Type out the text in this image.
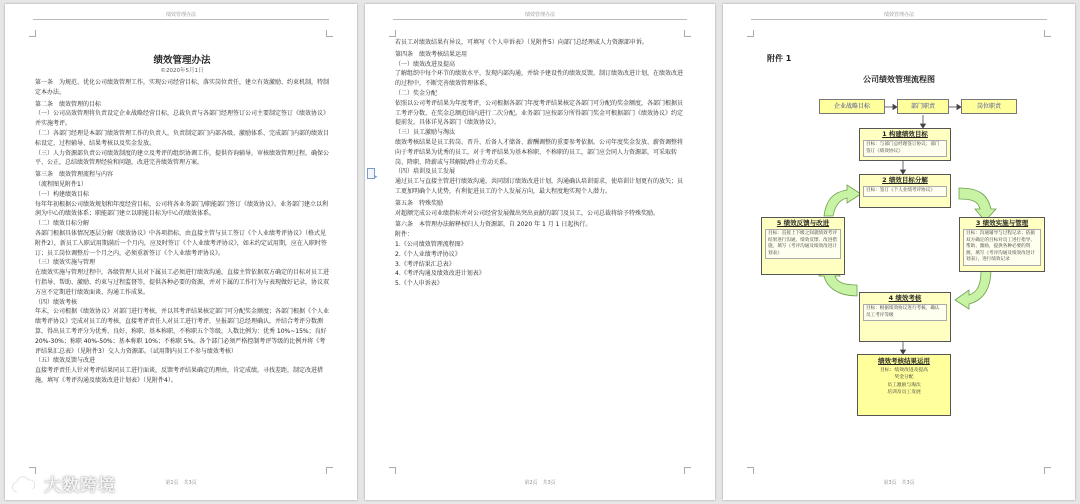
绩效管理办法
绩效管理办法
©2020年5月1日
第一条　为规范、优化公司绩效管理工作，实现公司经营目标，落实岗位责任，建立有效激励、约束机制，特制定本办法。
第二条　绩效管理的目标
（一）公司高效管理将负责设定企业战略经营目标，总裁负责与各部门经理签订公司主要制定签订《绩效协议》并实施考评。
（二）各部门经理是本部门绩效管理工作的负责人，负责制定部门内部各级、激励体系、完成部门内部的绩效目标设定、过程辅导、结果考核以及奖金发放。
（三）人力资源部负责公司绩效制度的建立及考评的组织协调工作，提供咨询辅导，审核绩效管理过程，确保公平、公正，总结绩效管理经验和问题，改进完善绩效管理方案。
第三条　绩效管理流程与内容
（流程图见附件1）
（一）构建绩效目标
每年年初根据公司绩效规划和年度经营目标，公司将各业务部门/职能部门签订《绩效协议》。业务部门建立以利润为中心的绩效体系；职能部门建立以职能目标为中心的绩效体系。
（二）绩效目标分解
各部门根据具体情况逐层分解《绩效协议》中各项指标，由直接主管与员工签订《个人业绩考评协议》（格式见附件2），新员工入职试用期满后一个月内，应及时签订《个人业绩考评协议》，如未约定试用期，应在入职时签订；员工岗位调整后一个月之内，必须重新签订《个人业绩考评协议》。
（三）绩效实施与管理
在绩效实施与管理过程中，各级管理人员对下属员工必须进行绩效沟通，直接主管依据双方确定的目标对员工进行指导、帮助、激励、约束与过程监督等，提供各种必要的资源，并对下属的工作行为与表现做好记录，协议双方应不定期进行绩效面谈、沟通工作成果。
（四）绩效考核
年末，公司根据《绩效协议》对部门进行考核，并以其考评结果核定部门可分配奖金额度；各部门根据《个人业绩考评协议》完成对员工的考核，直接考评责任人对员工进行考评，呈报部门总经理确认，并结合考评分数测算，得出员工考评分为优秀、良好、称职、基本称职、不称职五个等级，人数比例为：优秀 10%~15%；良好 20%-30%；称职 40%-50%；基本称职 10%；不称职 5%。各个部门必须严格控制考评等级的比例并将《考评结果汇总表》（见附件3）交人力资源部。（试用期内员工不参与绩效考核）
（五）绩效反馈与改进
直接考评责任人针对考评结果同员工进行面谈，反馈考评结果确定的理由，肯定成绩，寻找差距，制定改进措施，填写《考评沟通及绩效改进计划表》（见附件4）。
第1页　共3页
绩效管理办法
若员工对绩效结果有异议，可填写《个人申诉表》（见附件5）向部门总经理或人力资源部申诉。
第四条　绩效考核结果运用
（一）绩效改进及提高
了解组织中每个环节的绩效水平，发现内部沟通，并给予建设性的绩效反馈，制订绩效改进计划，在绩效改进的过程中，不断完善绩效管理体系。
（二）奖金分配
依照以公司考评结果为年度考评，公司根据各部门年度考评结果核定各部门可分配的奖金额度，各部门根据员工考评分数、在奖金总额范围内进行二次分配。业务部门应按部分所得部门奖金可根据部门《绩效协议》约定提前发，具体详见各部门《绩效协议》。
（三）员工激励与淘汰
绩效考核结果是员工转岗、晋升、后备人才储备、薪酬调整的重要参考依据。公司年度奖金发放、薪资调整将向于考评结果为优秀的员工，对于考评结果为基本称职、不称职的员工，部门应会同人力资源部，可采取转岗、降职、降薪或与其解除/终止劳动关系。
（四）培训及员工发展
通过员工与直接主管进行绩效沟通，共同制订绩效改进计划，沟通确认培训需求，使培训计划更有的放矢；员工更加明确个人优势，有利促进员工的个人发展方向，最大程度地实现个人潜力。
第五条　特殊奖励
对超额完成公司业绩指标并对公司经营发展做出突出贡献的部门及员工，公司总裁将给予特殊奖励。
第六条　本管理办法解释权归人力资源部，自 2020 年 1 月 1 日起执行。
附件：
1.《公司绩效管理流程图》
2.《个人业绩考评协议》
3.《考评结果汇总表》
4.《考评沟通及绩效改进计划表》
5.《个人申诉表》
第2页　共3页
▸
绩效管理办法
附件 1
公司绩效管理流程图
企业战略目标	部门职责	岗位职责
1 构建绩效目标
目标：与部门总经理签订协议；部门签订《绩效协议》
2 绩效目标分解
目标：签订《个人业绩考评协议》
3 绩效实施与管理
目标：沟通辅导与过程记录；依据双方确定的目标对员工进行指导、帮助、激励，提供各种必要的资源，填写《考评沟通及绩效改进计划表》，进行绩效记录
4 绩效考核
目标：根据绩效协议进行考核，确认员工考评等级
5 绩效反馈与改进
目标：直接上下级之间就绩效考评结果进行沟通、绩效反馈、改进措施，填写《考评沟通及绩效改进计划表》
绩效考核结果运用
目标：绩效改进及提高
奖金分配
员工激励与淘汰
培训及员工发展
第3页　共3页
大数跨境
